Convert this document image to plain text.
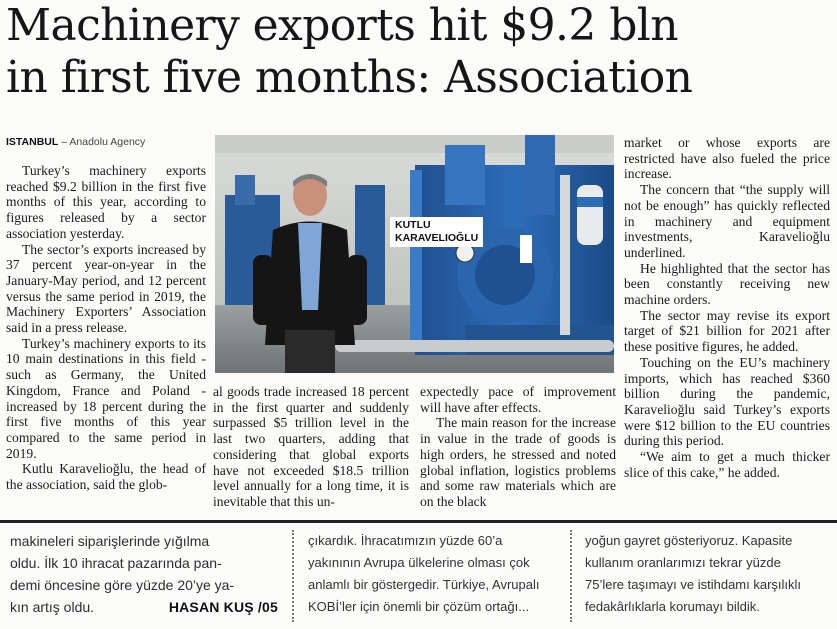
Machinery exports hit $9.2 bln
in first five months: Association
ISTANBUL – Anadolu Agency

Turkey’s machinery exports reached $9.2 billion in the first five months of this year, according to figures released by a sector association yesterday.

The sector’s exports increased by 37 percent year-on-year in the January-May period, and 12 percent versus the same period in 2019, the Machinery Exporters’ Association said in a press release.

Turkey’s machinery exports to its 10 main destinations in this field - such as Germany, the United Kingdom, France and Poland - increased by 18 percent during the first five months of this year compared to the same period in 2019.

Kutlu Karavelioğlu, the head of the association, said the glob-

KUTLU
KARAVELIOĞLU

al goods trade increased 18 percent in the first quarter and suddenly surpassed $5 trillion level in the last two quarters, adding that considering that global exports have not exceeded $18.5 trillion level annually for a long time, it is inevitable that this un-

expectedly pace of improvement will have after effects.

The main reason for the increase in value in the trade of goods is high orders, he stressed and noted global inflation, logistics problems and some raw materials which are on the black

market or whose exports are restricted have also fueled the price increase.

The concern that “the supply will not be enough” has quickly reflected in machinery and equipment investments, Karavelioğlu underlined.

He highlighted that the sector has been constantly receiving new machine orders.

The sector may revise its export target of $21 billion for 2021 after these positive figures, he added.

Touching on the EU’s machinery imports, which has reached $360 billion during the pandemic, Karavelioğlu said Turkey’s exports were $12 billion to the EU countries during this period.

“We aim to get a much thicker slice of this cake,” he added.

makineleri siparişlerinde yığılma

oldu. İlk 10 ihracat pazarında pan-

demi öncesine göre yüzde 20’ye ya-

kın artış oldu.	HASAN KUŞ /05

çıkardık. İhracatımızın yüzde 60’a

yakınının Avrupa ülkelerine olması çok

anlamlı bir göstergedir. Türkiye, Avrupalı

KOBİ’ler için önemli bir çözüm ortağı...

yoğun gayret gösteriyoruz. Kapasite

kullanım oranlarımızı tekrar yüzde

75’lere taşımayı ve istihdamı karşılıklı

fedakârlıklarla korumayı bildik.
